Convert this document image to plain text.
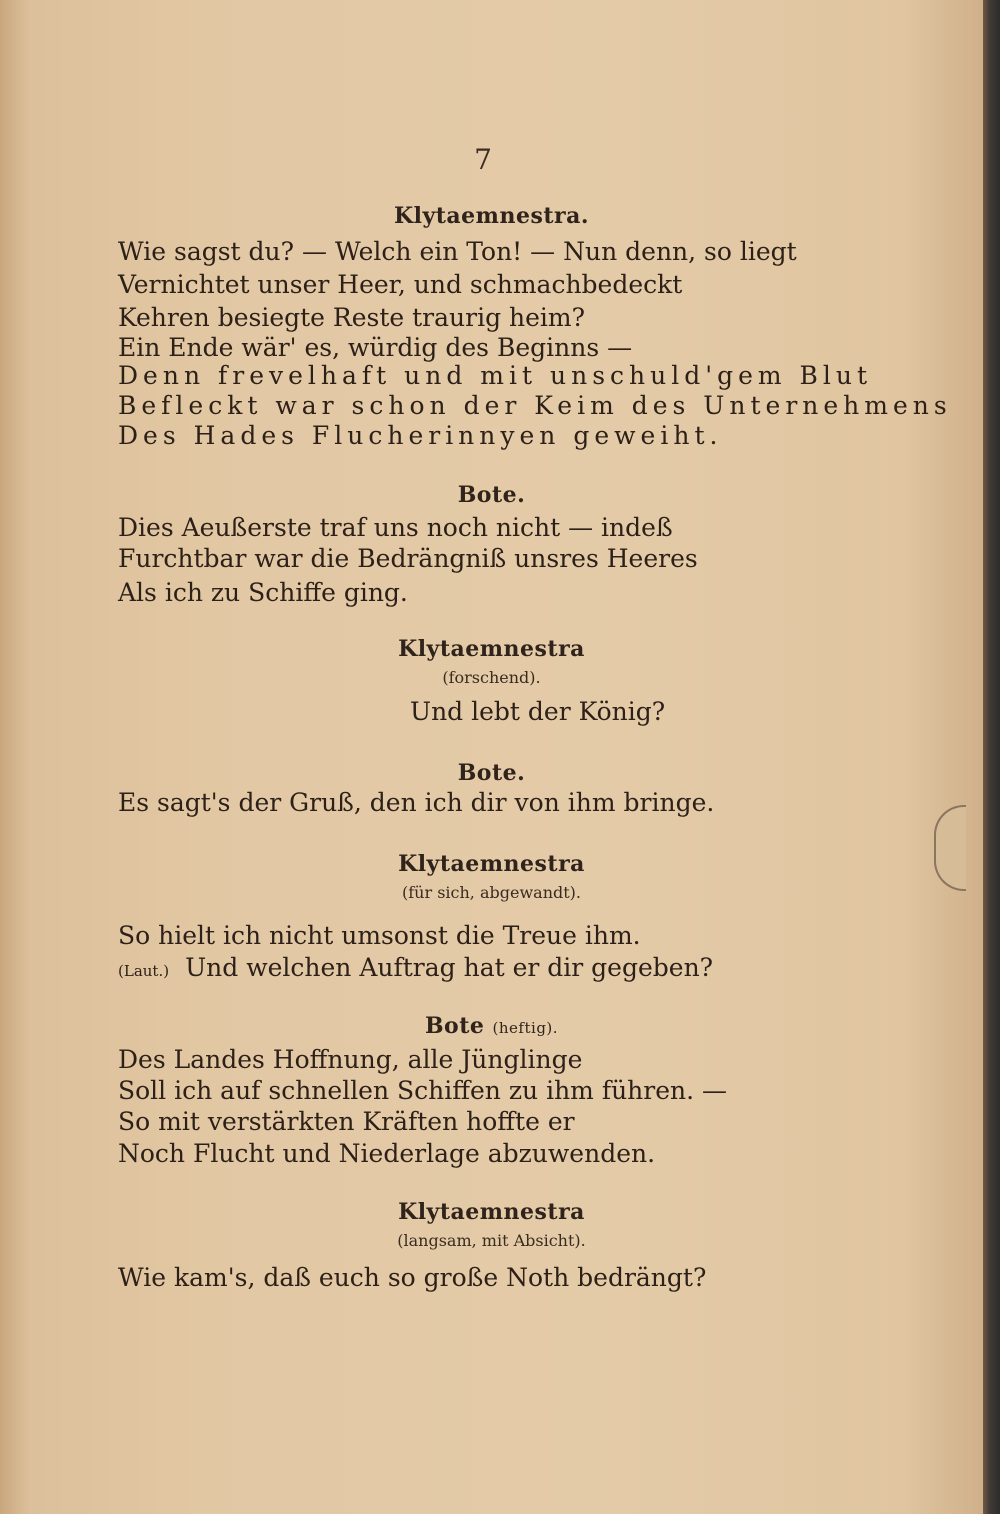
7
Klytaemnestra.
Wie sagst du? — Welch ein Ton! — Nun denn, so liegt
Vernichtet unser Heer, und schmachbedeckt
Kehren besiegte Reste traurig heim?
Ein Ende wär' es, würdig des Beginns —
Denn frevelhaft und mit unschuld'gem Blut
Befleckt war schon der Keim des Unternehmens
Des Hades Flucherinnyen geweiht.
Bote.
Dies Aeußerste traf uns noch nicht — indeß
Furchtbar war die Bedrängniß unsres Heeres
Als ich zu Schiffe ging.
Klytaemnestra
(forschend).
Und lebt der König?
Bote.
Es sagt's der Gruß, den ich dir von ihm bringe.
Klytaemnestra
(für sich, abgewandt).
So hielt ich nicht umsonst die Treue ihm.
(Laut.) Und welchen Auftrag hat er dir gegeben?
Bote (heftig).
Des Landes Hoffnung, alle Jünglinge
Soll ich auf schnellen Schiffen zu ihm führen. —
So mit verstärkten Kräften hoffte er
Noch Flucht und Niederlage abzuwenden.
Klytaemnestra
(langsam, mit Absicht).
Wie kam's, daß euch so große Noth bedrängt?
